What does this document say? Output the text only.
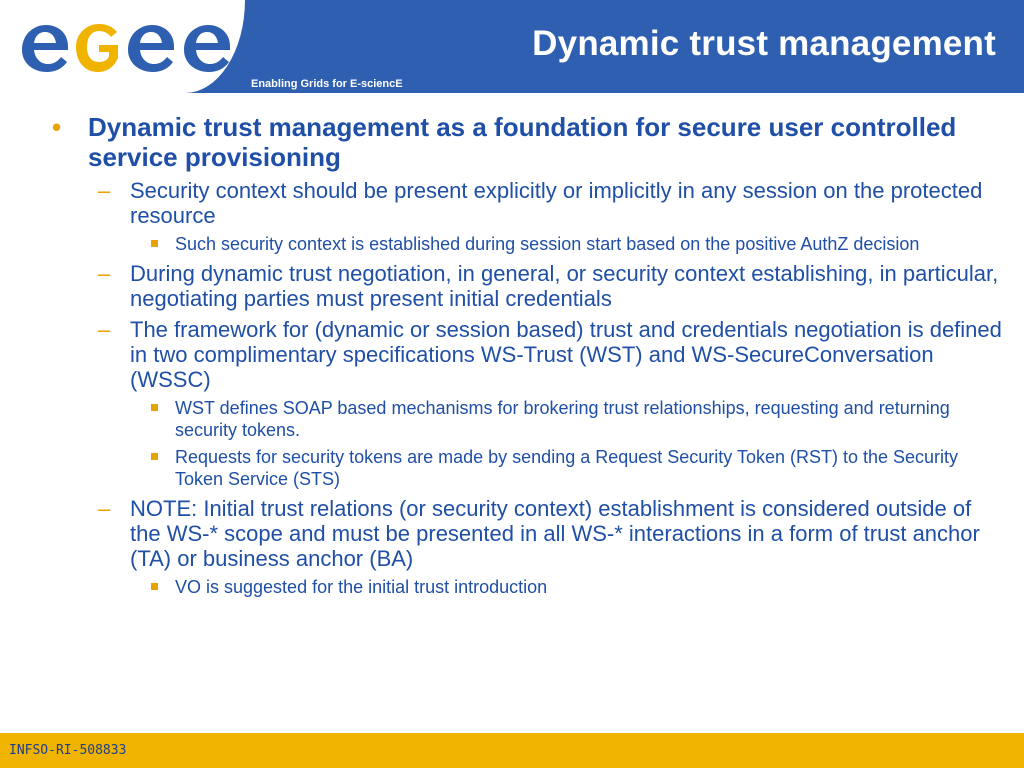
Dynamic trust management
Enabling Grids for E-sciencE
• Dynamic trust management as a foundation for secure user controlled service provisioning
– Security context should be present explicitly or implicitly in any session on the protected resource
Such security context is established during session start based on the positive AuthZ decision
– During dynamic trust negotiation, in general, or security context establishing, in particular, negotiating parties must present initial credentials
– The framework for (dynamic or session based) trust and credentials negotiation is defined in two complimentary specifications WS-Trust (WST) and WS-SecureConversation (WSSC)
WST defines SOAP based mechanisms for brokering trust relationships, requesting and returning security tokens.
Requests for security tokens are made by sending a Request Security Token (RST) to the Security Token Service (STS)
– NOTE: Initial trust relations (or security context) establishment is considered outside of the WS-* scope and must be presented in all WS-* interactions in a form of trust anchor (TA) or business anchor (BA)
VO is suggested for the initial trust introduction
INFSO-RI-508833
